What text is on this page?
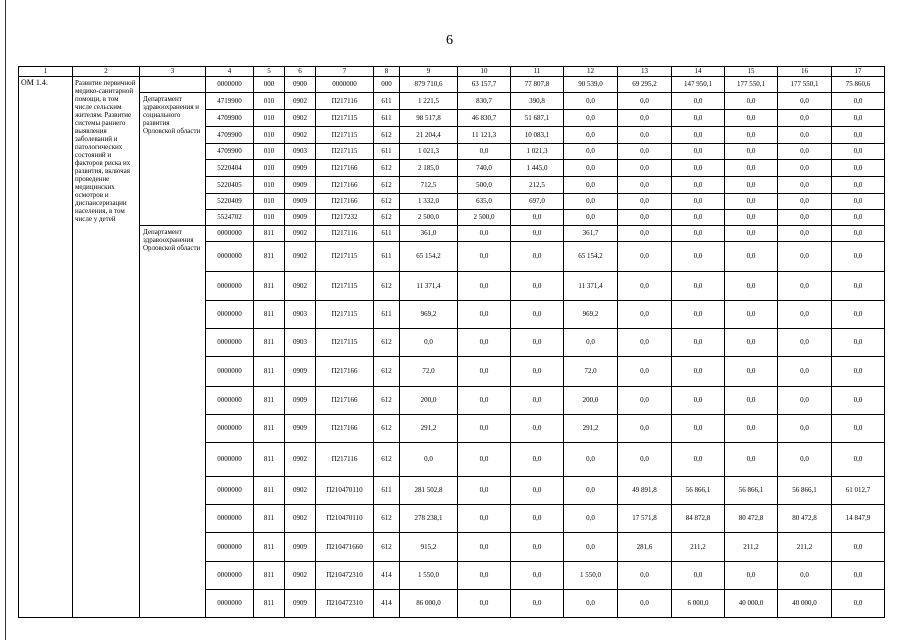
6
1	2	3	4	5	6	7	8	9	10	11	12	13	14	15	16	17
ОМ 1.4.	Развитие первичной медико-санитарной помощи, в том числе сельским жителям. Развитие системы раннего выявления заболеваний и патологических состояний и факторов риска их развития, включая проведение медицинских осмотров и диспансеризации населения, в том числе у детей		0000000	000	0900	0000000	000	879 710,6	63 157,7	77 807,8	90 539,0	69 295,2	147 950,1	177 550,1	177 550,1	75 860,6
		Департамент здравоохранения и социального развития Орловской области	4719900	010	0902	П217116	611	1 221,5	830,7	390,8	0,0	0,0	0,0	0,0	0,0	0,0
			4709900	010	0902	П217115	611	98 517,8	46 830,7	51 687,1	0,0	0,0	0,0	0,0	0,0	0,0
			4709900	010	0902	П217115	612	21 204,4	11 121,3	10 083,1	0,0	0,0	0,0	0,0	0,0	0,0
			4709900	010	0903	П217115	611	1 021,3	0,0	1 021,3	0,0	0,0	0,0	0,0	0,0	0,0
			5220404	010	0909	П217166	612	2 185,0	740,0	1 445,0	0,0	0,0	0,0	0,0	0,0	0,0
			5220405	010	0909	П217166	612	712,5	500,0	212,5	0,0	0,0	0,0	0,0	0,0	0,0
			5220409	010	0909	П217166	612	1 332,0	635,0	697,0	0,0	0,0	0,0	0,0	0,0	0,0
			5524702	010	0909	П217232	612	2 500,0	2 500,0	0,0	0,0	0,0	0,0	0,0	0,0	0,0
		Департамент здравоохранения Орловской области	0000000	811	0902	П217116	611	361,0	0,0	0,0	361,7	0,0	0,0	0,0	0,0	0,0
			0000000	811	0902	П217115	611	65 154,2	0,0	0,0	65 154,2	0,0	0,0	0,0	0,0	0,0
			0000000	811	0902	П217115	612	11 371,4	0,0	0,0	11 371,4	0,0	0,0	0,0	0,0	0,0
			0000000	811	0903	П217115	611	969,2	0,0	0,0	969,2	0,0	0,0	0,0	0,0	0,0
			0000000	811	0903	П217115	612	0,0	0,0	0,0	0,0	0,0	0,0	0,0	0,0	0,0
			0000000	811	0909	П217166	612	72,0	0,0	0,0	72,0	0,0	0,0	0,0	0,0	0,0
			0000000	811	0909	П217166	612	200,0	0,0	0,0	200,0	0,0	0,0	0,0	0,0	0,0
			0000000	811	0909	П217166	612	291,2	0,0	0,0	291,2	0,0	0,0	0,0	0,0	0,0
			0000000	811	0902	П217116	612	0,0	0,0	0,0	0,0	0,0	0,0	0,0	0,0	0,0
			0000000	811	0902	П210470110	611	281 502,8	0,0	0,0	0,0	49 891,8	56 866,1	56 866,1	56 866,1	61 012,7
			0000000	811	0902	П210470110	612	278 238,1	0,0	0,0	0,0	17 571,8	84 872,8	80 472,8	80 472,8	14 847,9
			0000000	811	0909	П210471660	612	915,2	0,0	0,0	0,0	281,6	211,2	211,2	211,2	0,0
			0000000	811	0902	П210472310	414	1 550,0	0,0	0,0	1 550,0	0,0	0,0	0,0	0,0	0,0
			0000000	811	0909	П210472310	414	86 000,0	0,0	0,0	0,0	0,0	6 000,0	40 000,0	40 000,0	0,0
